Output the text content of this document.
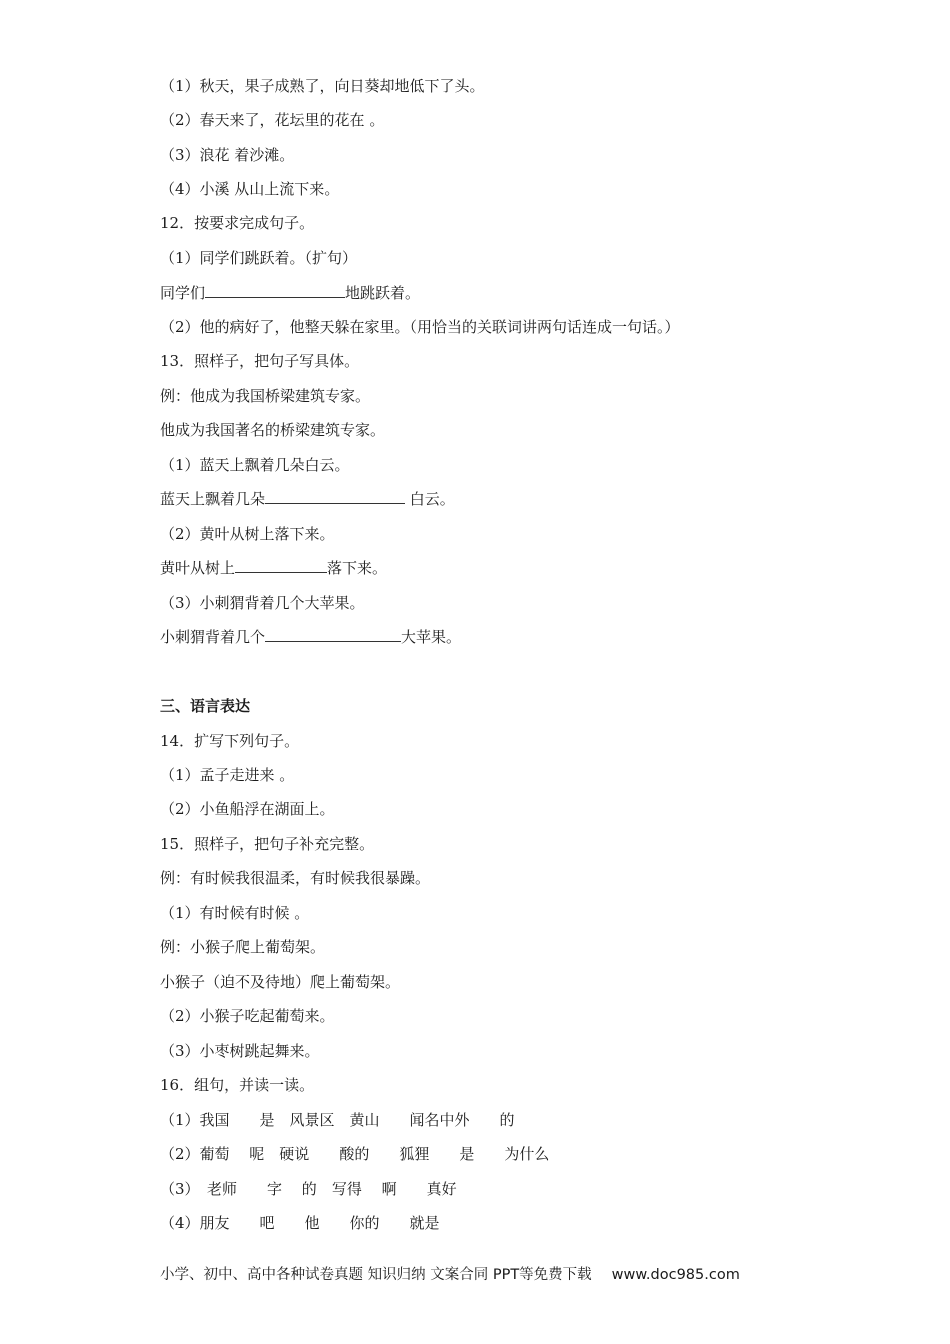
（1）秋天，果子成熟了，向日葵却地低下了头。
（2）春天来了，花坛里的花在 。
（3）浪花 着沙滩。
（4）小溪 从山上流下来。
12．按要求完成句子。
（1）同学们跳跃着。（扩句）
同学们	地跳跃着。
（2）他的病好了，他整天躲在家里。（用恰当的关联词讲两句话连成一句话。）
13．照样子，把句子写具体。
例：他成为我国桥梁建筑专家。
他成为我国著名的桥梁建筑专家。
（1）蓝天上飘着几朵白云。
蓝天上飘着几朵	白云。
（2）黄叶从树上落下来。
黄叶从树上	落下来。
（3）小刺猬背着几个大苹果。
小刺猬背着几个	大苹果。
三、语言表达
14．扩写下列句子。
（1）孟子走进来 。
（2）小鱼船浮在湖面上。
15．照样子，把句子补充完整。
例：有时候我很温柔，有时候我很暴躁。
（1）有时候有时候 。
例：小猴子爬上葡萄架。
小猴子（迫不及待地）爬上葡萄架。
（2）小猴子吃起葡萄来。
（3）小枣树跳起舞来。
16．组句，并读一读。
（1）我国　　是　风景区　黄山　　闻名中外　　的
（2）葡萄　 呢　硬说　　酸的　　狐狸　　是　　为什么
（3）　老师　　字　 的　写得　 啊　　真好
（4）朋友　　吧　　他　　你的　　就是
小学、初中、高中各种试卷真题 知识归纳 文案合同 PPT等免费下载 www.doc985.com
